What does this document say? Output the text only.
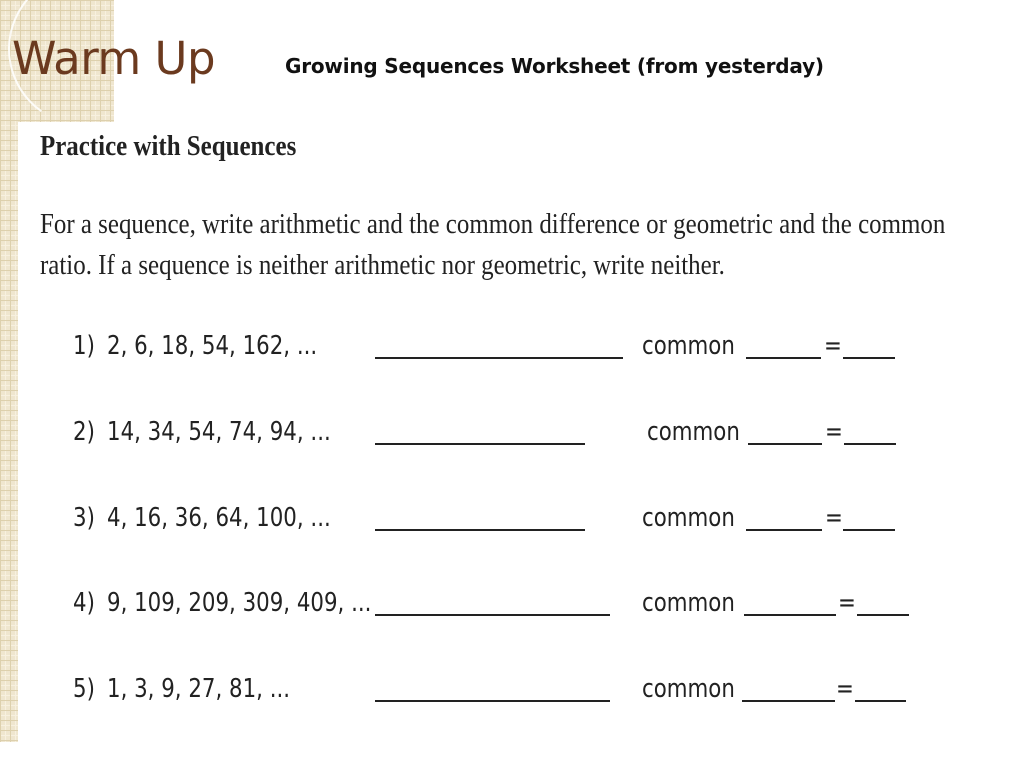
Warm Up	Growing Sequences Worksheet (from yesterday)
Practice with Sequences

For a sequence, write arithmetic and the common difference or geometric and the common ratio. If a sequence is neither arithmetic nor geometric, write neither.

1) 2, 6, 18, 54, 162, ...	common	=
2) 14, 34, 54, 74, 94, ...	common	=
3) 4, 16, 36, 64, 100, ...	common	=
4) 9, 109, 209, 309, 409, ...	common	=
5) 1, 3, 9, 27, 81, ...	common	=
